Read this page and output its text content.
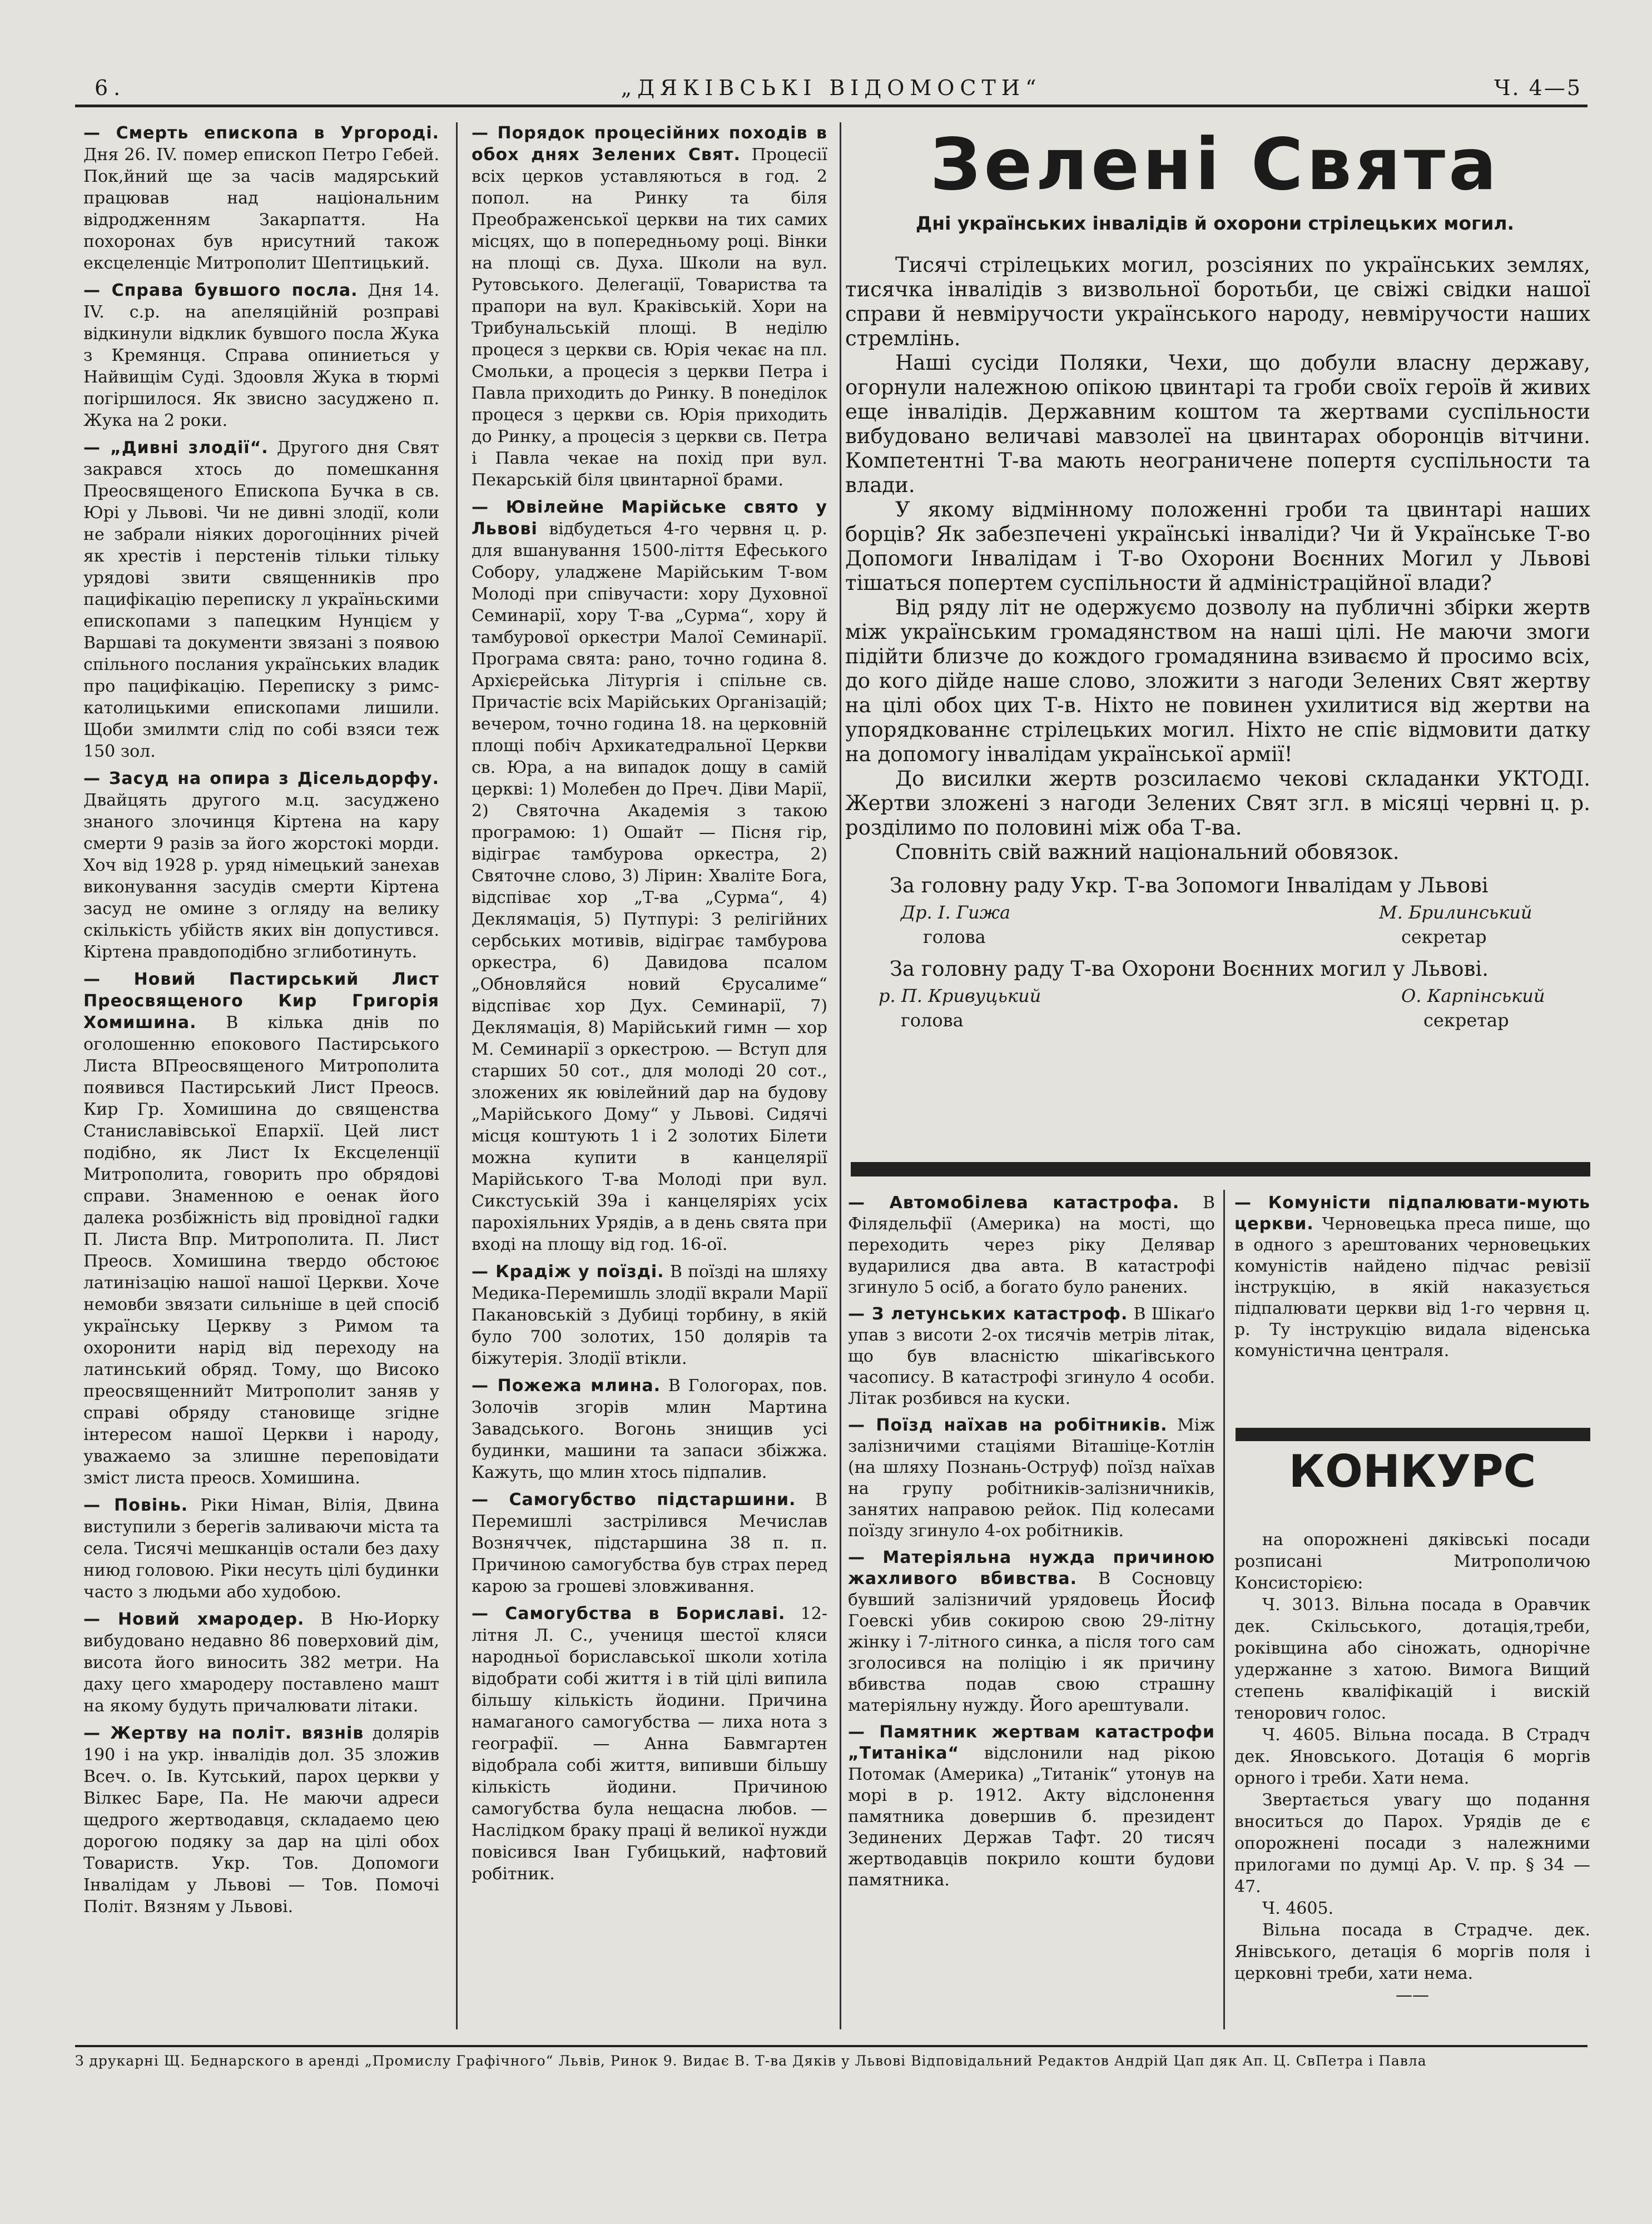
6.	„ДЯКІВСЬКІ ВІДОМОСТИ“	Ч. 4—5
— Смерть епископа в Ургороді. Дня 26. IV. помер епископ Петро Гебей. Пок,йний ще за часів мадярський працював над національним відродженням Закарпаття. На похоронах був нрисутний також ексцеленціє Митрополит Шептицький.
— Справа бувшого посла. Дня 14. IV. с.р. на апеляційній розправі відкинули відклик бувшого посла Жука з Кремянця. Справа опиниеться у Найвищім Суді. Здоовля Жука в тюрмі погіршилося. Як звисно засуджено п. Жука на 2 роки.
— „Дивні злодії“. Другого дня Свят закрався хтось до помешкання Преосвященого Епископа Бучка в св. Юрі у Львові. Чи не дивні злодії, коли не забрали ніяких дорогоцінних річей як хрестів і перстенів тільки тільку урядові звити священників про пацифікацію переписку л україньскими епископами з папецким Нунцієм у Варшаві та документи звязані з появою спільного послания українських владик про пацифікацію. Переписку з римс-католицькими епископами лишили. Щоби змилмти слід по собі взяси теж 150 зол.
— Засуд на опира з Дісельдорфу. Двайцять другого м.ц. засуджено знаного злочинця Кіртена на кару смерти 9 разів за його жорстокі морди. Хоч від 1928 р. уряд німецький занехав виконування засудів смерти Кіртена засуд не омине з огляду на велику скількість убійств яких він допустився. Кіртена правдоподібно зглиботинуть.
— Новий Пастирський Лист Преосвященого Кир Григорія Хомишина. В кілька днів по оголошенню епокового Пастирського Листа ВПреосвященого Митрополита появився Пастирський Лист Преосв. Кир Гр. Хомишина до священства Станиславівської Епархії. Цей лист подібно, як Лист Іх Ексцеленції Митрополита, говорить про обрядові справи. Знаменною е оенак його далека розбіжність від провідної гадки П. Листа Впр. Митрополита. П. Лист Преосв. Хомишина твердо обстоює латинізацію нашої нашої Церкви. Хоче немовби звязати сильніше в цей спосіб українську Церкву з Римом та охоронити нарід від переходу на латинський обряд. Тому, що Високо преосвященнийт Митрополит заняв у справі обряду становище згідне інтересом нашої Церкви і народу, уважаемо за злишне переповідати зміст листа преосв. Хомишина.
— Повінь. Ріки Німан, Вілія, Двина виступили з берегів заливаючи міста та села. Тисячі мешканців остали без даху ниюд головою. Ріки несуть цілі будинки часто з людьми або худобою.
— Новий хмародер. В Ню-Иорку вибудовано недавно 86 поверховий дім, висота його виносить 382 метри. На даху цего хмародеру поставлено машт на якому будуть причалювати літаки.
— Жертву на політ. вязнів долярів 190 і на укр. інвалідів дол. 35 зложив Всеч. о. Ів. Кутський, парох церкви у Вілкес Баре, Па. Не маючи адреси щедрого жертводавця, складаемо цею дорогою подяку за дар на цілі обох Товариств. Укр. Тов. Допомоги Інвалідам у Львові — Тов. Помочі Політ. Вязням у Львові.
— Порядок процесійних походів в обох днях Зелених Свят. Процесії всіх церков уставляються в год. 2 попол. на Ринку та біля Преображенської церкви на тих самих місцях, що в попередньому році. Вінки на площі св. Духа. Школи на вул. Рутовського. Делегації, Товариства та прапори на вул. Краківській. Хори на Трибунальській площі. В неділю процеся з церкви св. Юрія чекає на пл. Смольки, а процесія з церкви Петра і Павла приходить до Ринку. В понеділок процеся з церкви св. Юрія приходить до Ринку, а процесія з церкви св. Петра і Павла чекае на похід при вул. Пекарській біля цвинтарної брами.
— Ювілейне Марійське свято у Львові відбудеться 4-го червня ц. р. для вшанування 1500-ліття Ефеського Собору, уладжене Марійським Т-вом Молоді при співучасти: хору Духовної Семинарії, хору Т-ва „Сурма“, хору й тамбурової оркестри Малої Семинарії. Програма свята: рано, точно година 8. Архієрейська Літургія і спільне св. Причастіє всіх Марійських Організацій; вечером, точно година 18. на церковній площі побіч Архикатедральної Церкви св. Юра, а на випадок дощу в самій церкві: 1) Молебен до Преч. Діви Марії, 2) Святочна Академія з такою програмою: 1) Ошайт — Пісня гір, відіграє тамбурова оркестра, 2) Святочне слово, 3) Лірин: Хваліте Бога, відспіває хор „Т-ва „Сурма“, 4) Деклямація, 5) Путпурі: З релігійних сербських мотивів, відіграє тамбурова оркестра, 6) Давидова псалом „Обновляйся новий Єрусалиме“ відспіває хор Дух. Семинарії, 7) Деклямація, 8) Марійський гимн — хор М. Семинарії з оркестрою. — Вступ для старших 50 сот., для молоді 20 сот., зложених як ювілейний дар на будову „Марійського Дому“ у Львові. Сидячі місця коштують 1 і 2 золотих Білети можна купити в канцелярії Марійського Т-ва Молоді при вул. Сикстуській 39а і канцеляріях усіх парохіяльних Урядів, а в день свята при вході на площу від год. 16-ої.
— Крадіж у поїзді. В поїзді на шляху Медика-Перемишль злодії вкрали Марії Пакановській з Дубиці торбину, в якій було 700 золотих, 150 долярів та біжутерія. Злодії втікли.
— Пожежа млина. В Гологорах, пов. Золочів згорів млин Мартина Завадського. Вогонь знищив усі будинки, машини та запаси збіжжа. Кажуть, що млин хтось підпалив.
— Самогубство підстаршини. В Перемишлі застрілився Мечислав Возняччек, підстаршина 38 п. п. Причиною самогубства був страх перед карою за грошеві зловживання.
— Самогубства в Бориславі. 12-літня Л. С., учениця шестої кляси народньої бориславської школи хотіла відобрати собі життя і в тій цілі випила більшу кількість йодини. Причина намаганого самогубства — лиха нота з географії. — Анна Бавмгартен відобрала собі життя, випивши більшу кількість йодини. Причиною самогубства була нещасна любов. — Наслідком браку праці й великої нужди повісився Іван Губицький, нафтовий робітник.
Зелені Свята
Дні українських інвалідів й охорони стрілецьких могил.

Тисячі стрілецьких могил, розсіяних по українських землях, тисячка інвалідів з визвольної боротьби, це свіжі свідки нашої справи й невміручости українського народу, невміручости наших стремлінь.

Наші сусіди Поляки, Чехи, що добули власну державу, огорнули належною опікою цвинтарі та гроби своїх героїв й живих еще інвалідів. Державним коштом та жертвами суспільности вибудовано величаві мавзолеї на цвинтарах оборонців вітчини. Компетентні Т-ва мають неограничене попертя суспільности та влади.

У якому відмінному положенні гроби та цвинтарі наших борців? Як забезпечені українські інваліди? Чи й Українське Т-во Допомоги Інвалідам і Т-во Охорони Воєнних Могил у Львові тішаться попертем суспільности й адміністраційної влади?

Від ряду літ не одержуємо дозволу на публичні збірки жертв між українським громадянством на наші цілі. Не маючи змоги підійти близче до кождого громадянина взиваємо й просимо всіх, до кого дійде наше слово, зложити з нагоди Зелених Свят жертву на цілі обох цих Т-в. Ніхто не повинен ухилитися від жертви на упорядкованнє стрілецьких могил. Ніхто не спіє відмовити датку на допомогу інвалідам української армії!

До висилки жертв розсилаємо чекові складанки УКТОДІ. Жертви зложені з нагоди Зелених Свят згл. в місяці червні ц. р. розділимо по половині між оба Т-ва.

Сповніть свій важний національний обовязок.

За головну раду Укр. Т-ва Зопомоги Інвалідам у Львові
Др. І. Гижа
голова
М. Брилинський
секретар
За головну раду Т-ва Охорони Воєнних могил у Львові.
р. П. Кривуцький
голова
О. Карпінський
секретар
— Автомобілева катастрофа. В Філядельфії (Америка) на мості, що переходить через ріку Делявар вударилися два авта. В катастрофі згинуло 5 осіб, а богато було ранених.
— З летунських катастроф. В Шікаґо упав з висоти 2-ох тисячів метрів літак, що був власністю шікаґівського часопису. В катастрофі згинуло 4 особи. Літак розбився на куски.
— Поїзд наїхав на робітників. Між залізничими стаціями Віташіце-Котлін (на шляху Познань-Оструф) поїзд наїхав на групу робітників-залізничників, занятих направою рейок. Під колесами поїзду згинуло 4-ох робітників.
— Матеріяльна нужда причиною жахливого вбивства. В Сосновцу бувший залізничий урядовець Йосиф Гоевскі убив сокирою свою 29-літну жінку і 7-літного синка, а після того сам зголосився на поліцію і як причину вбивства подав свою страшну матеріяльну нужду. Його арештували.
— Памятник жертвам катастрофи „Титаніка“ відслонили над рікою Потомак (Америка) „Титанік“ утонув на морі в р. 1912. Акту відслонення памятника довершив б. президент Зединених Держав Тафт. 20 тисяч жертводавців покрило кошти будови памятника.
— Комуністи підпалювати-мують церкви. Черновецька преса пише, що в одного з арештованих черновецьких комуністів найдено підчас ревізії інструкцію, в якій наказується підпалювати церкви від 1-го червня ц. р. Ту інструкцію видала віденська комуністична централя.
КОНКУРС

на опорожнені дяківські посади розписані Митрополичою Консисторією:

Ч. 3013. Вільна посада в Оравчик дек. Скільського, дотація,треби, роківщина або сіножать, однорічне удержанне з хатою. Вимога Вищий степень кваліфікацій і вискій тенорович голос.

Ч. 4605. Вільна посада. В Страдч дек. Яновського. Дотація 6 моргів орного і треби. Хати нема.

Звертається увагу що подання вноситься до Парох. Урядів де є опорожнені посади з належними прилогами по думці Ар. V. пр. § 34 — 47.

Ч. 4605.

Вільна посада в Страдче. дек. Янівського, детація 6 моргів поля і церковні треби, хати нема.

——

З друкарні Щ. Беднарского в аренді „Промислу Графічного“ Львів, Ринок 9. Видає В. Т-ва Дяків у Львові Відповідальний Редактов Андрій Цап дяк Ап. Ц. СвПетра і Павла
